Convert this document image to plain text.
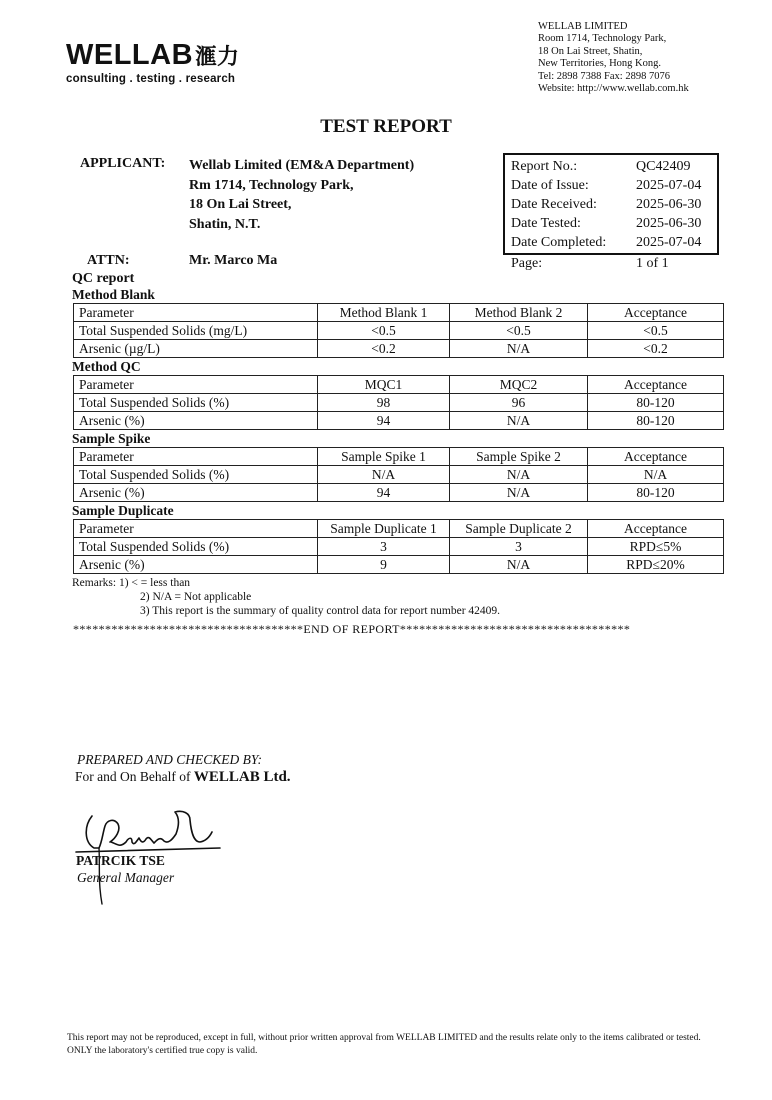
WELLAB滙力
consulting . testing . research
WELLAB LIMITED
Room 1714, Technology Park,
18 On Lai Street, Shatin,
New Territories, Hong Kong.
Tel: 2898 7388 Fax: 2898 7076
Website: http://www.wellab.com.hk
TEST REPORT
APPLICANT: Wellab Limited (EM&A Department)
Rm 1714, Technology Park,
18 On Lai Street,
Shatin, N.T.
ATTN:	Mr. Marco Ma
Report No.:	QC42409
Date of Issue:	2025-07-04
Date Received:	2025-06-30
Date Tested:	2025-06-30
Date Completed: 2025-07-04
Page:	1 of 1
QC report
Method Blank
Parameter	Method Blank 1	Method Blank 2	Acceptance
Total Suspended Solids (mg/L)	<0.5	<0.5	<0.5
Arsenic (µg/L)	<0.2	N/A	<0.2
Method QC
Parameter	MQC1	MQC2	Acceptance
Total Suspended Solids (%)	98	96	80-120
Arsenic (%)	94	N/A	80-120
Sample Spike
Parameter	Sample Spike 1	Sample Spike 2	Acceptance
Total Suspended Solids (%)	N/A	N/A	N/A
Arsenic (%)	94	N/A	80-120
Sample Duplicate
Parameter	Sample Duplicate 1	Sample Duplicate 2	Acceptance
Total Suspended Solids (%)	3	3	RPD≤5%
Arsenic (%)	9	N/A	RPD≤20%
Remarks: 1) < = less than
2) N/A = Not applicable
3) This report is the summary of quality control data for report number 42409.
************************************END OF REPORT************************************
PREPARED AND CHECKED BY:
For and On Behalf of WELLAB Ltd.
PATRCIK TSE
General Manager
This report may not be reproduced, except in full, without prior written approval from WELLAB LIMITED and the results relate only to the items calibrated or tested. ONLY the laboratory's certified true copy is valid.
